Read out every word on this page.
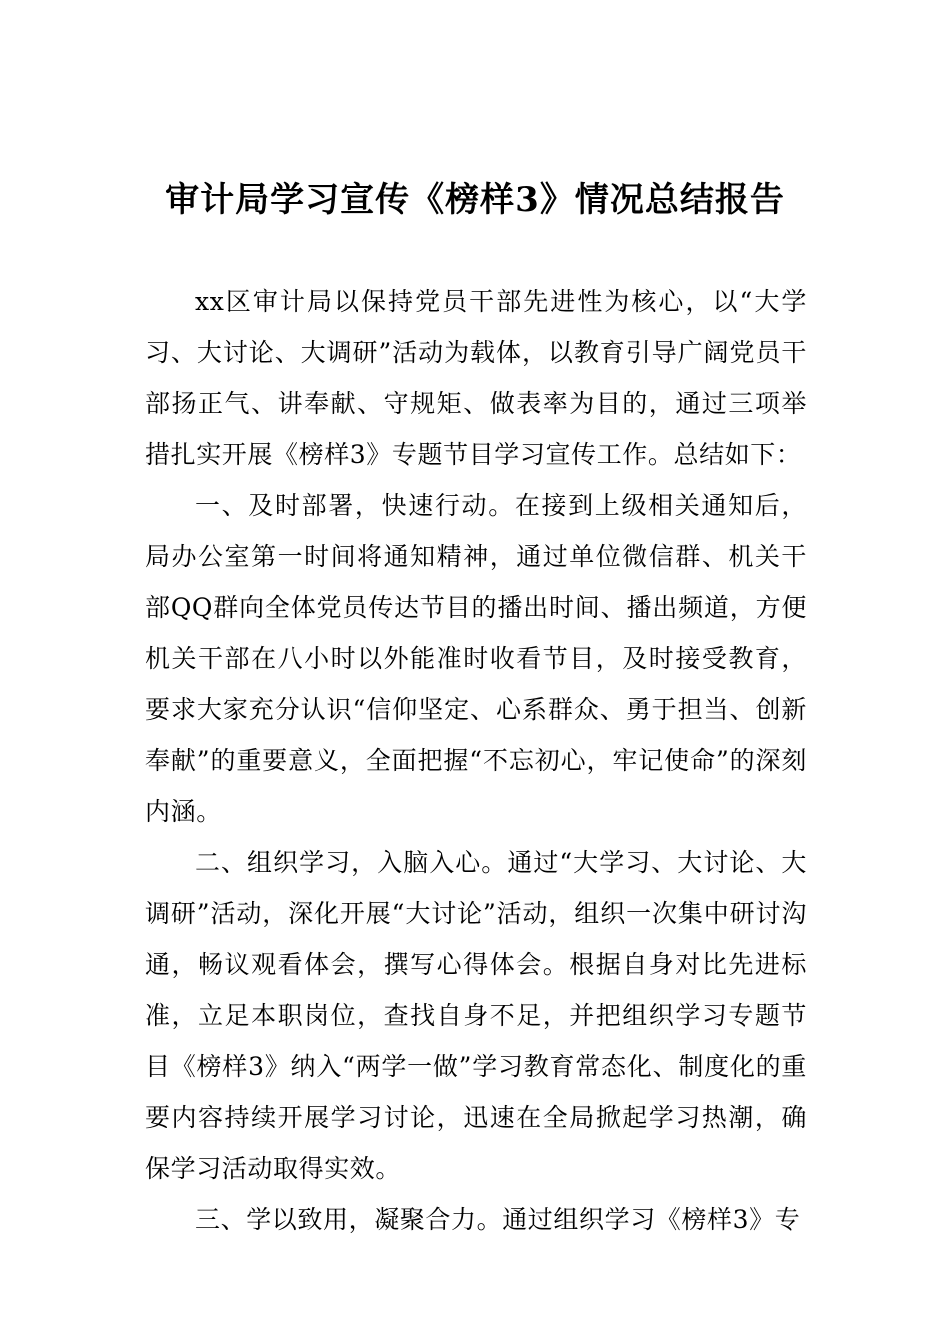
审计局学习宣传《榜样3》情况总结报告

xx区审计局以保持党员干部先进性为核心，以“大学习、大讨论、大调研”活动为载体，以教育引导广阔党员干部扬正气、讲奉献、守规矩、做表率为目的，通过三项举措扎实开展《榜样3》专题节目学习宣传工作。总结如下：

一、及时部署，快速行动。在接到上级相关通知后，局办公室第一时间将通知精神，通过单位微信群、机关干部QQ群向全体党员传达节目的播出时间、播出频道，方便机关干部在八小时以外能准时收看节目，及时接受教育，要求大家充分认识“信仰坚定、心系群众、勇于担当、创新奉献”的重要意义，全面把握“不忘初心，牢记使命”的深刻内涵。

二、组织学习，入脑入心。通过“大学习、大讨论、大调研”活动，深化开展“大讨论”活动，组织一次集中研讨沟通，畅议观看体会，撰写心得体会。根据自身对比先进标准，立足本职岗位，查找自身不足，并把组织学习专题节目《榜样3》纳入“两学一做”学习教育常态化、制度化的重要内容持续开展学习讨论，迅速在全局掀起学习热潮，确保学习活动取得实效。

三、学以致用，凝聚合力。通过组织学习《榜样3》专
